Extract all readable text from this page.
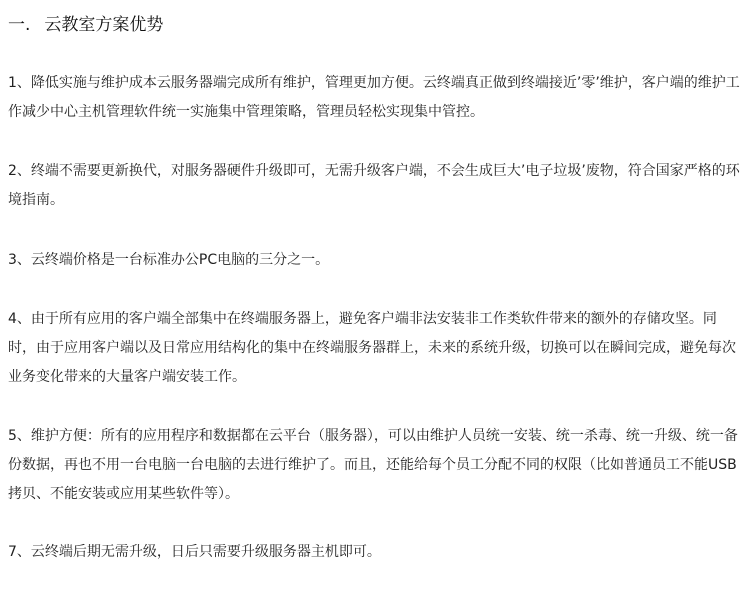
一. 云教室方案优势

1、降低实施与维护成本云服务器端完成所有维护，管理更加方便。云终端真正做到终端接近’零’维护，客户端的维护工作减少中心主机管理软件统一实施集中管理策略，管理员轻松实现集中管控。

2、终端不需要更新换代，对服务器硬件升级即可，无需升级客户端，不会生成巨大’电子垃圾’废物，符合国家严格的环境指南。

3、云终端价格是一台标准办公PC电脑的三分之一。

4、由于所有应用的客户端全部集中在终端服务器上，避免客户端非法安装非工作类软件带来的额外的存储攻坚。同时，由于应用客户端以及日常应用结构化的集中在终端服务器群上，未来的系统升级，切换可以在瞬间完成，避免每次业务变化带来的大量客户端安装工作。

5、维护方便：所有的应用程序和数据都在云平台（服务器），可以由维护人员统一安装、统一杀毒、统一升级、统一备份数据，再也不用一台电脑一台电脑的去进行维护了。而且，还能给每个员工分配不同的权限（比如普通员工不能USB拷贝、不能安装或应用某些软件等）。

7、云终端后期无需升级，日后只需要升级服务器主机即可。
